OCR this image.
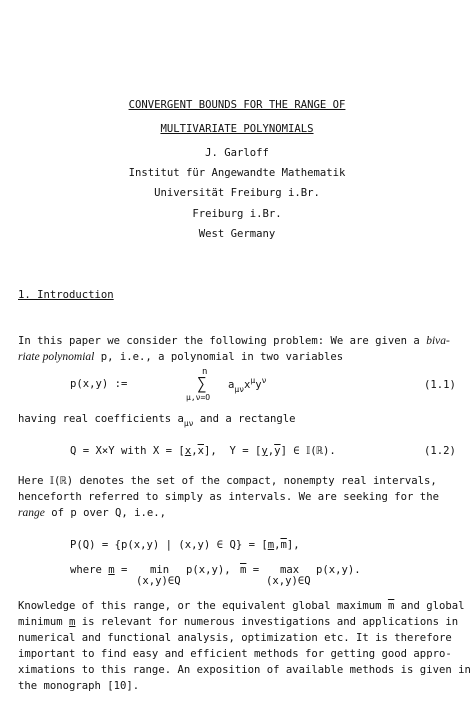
CONVERGENT BOUNDS FOR THE RANGE OF
MULTIVARIATE POLYNOMIALS
J. Garloff
Institut für Angewandte Mathematik
Universität Freiburg i.Br.
Freiburg i.Br.
West Germany
1. Introduction
In this paper we consider the following problem: We are given a biva-
riate polynomial p, i.e., a polynomial in two variables
p(x,y) :=
n
∑
μ,ν=O
$a_{\mu\nu}x^\mu y^\nu$	(1.1)
having real coefficients $a_{\mu\nu}$ and a rectangle
Q = X×Y with $X = [x,\overline{x}]$,  $Y = [y,\overline{y}]$ ∈ 𝕀(ℝ).	(1.2)
Here 𝕀(ℝ) denotes the set of the compact, nonempty real intervals,
henceforth referred to simply as intervals. We are seeking for the
range of p over Q, i.e.,
P(Q) = {p(x,y) | (x,y) ∈ $Q\} = [m,\overline{m}]$,
where m = min
(x,y)∈Q
p(x,y), $\overline{m} = \max$
(x,y)∈Q
p(x,y).
Knowledge of this range, or the equivalent global maximum $\overline{m}$ and global
minimum m is relevant for numerous investigations and applications in
numerical and functional analysis, optimization etc. It is therefore
important to find easy and efficient methods for getting good appro-
ximations to this range. An exposition of available methods is given in
the monograph [10].
